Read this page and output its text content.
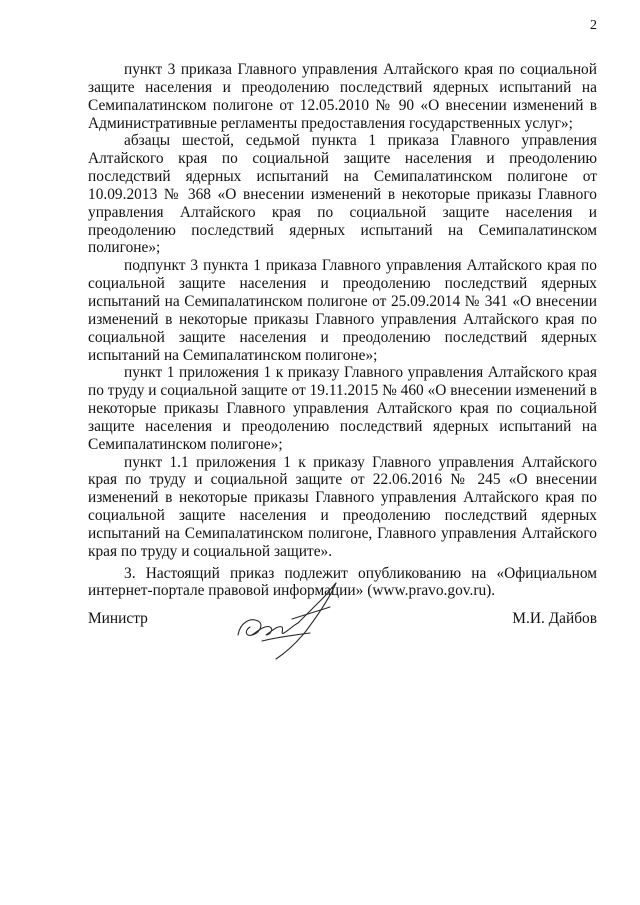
2

пункт 3 приказа Главного управления Алтайского края по социальной защите населения и преодолению последствий ядерных испытаний на Семипалатинском полигоне от 12.05.2010 № 90 «О внесении изменений в Административные регламенты предоставления государственных услуг»;

абзацы шестой, седьмой пункта 1 приказа Главного управления Алтайского края по социальной защите населения и преодолению последствий ядерных испытаний на Семипалатинском полигоне от 10.09.2013 № 368 «О внесении изменений в некоторые приказы Главного управления Алтайского края по социальной защите населения и преодолению последствий ядерных испытаний на Семипалатинском полигоне»;

подпункт 3 пункта 1 приказа Главного управления Алтайского края по социальной защите населения и преодолению последствий ядерных испытаний на Семипалатинском полигоне от 25.09.2014 № 341 «О внесении изменений в некоторые приказы Главного управления Алтайского края по социальной защите населения и преодолению последствий ядерных испытаний на Семипалатинском полигоне»;

пункт 1 приложения 1 к приказу Главного управления Алтайского края по труду и социальной защите от 19.11.2015 № 460 «О внесении изменений в некоторые приказы Главного управления Алтайского края по социальной защите населения и преодолению последствий ядерных испытаний на Семипалатинском полигоне»;

пункт 1.1 приложения 1 к приказу Главного управления Алтайского края по труду и социальной защите от 22.06.2016 № 245 «О внесении изменений в некоторые приказы Главного управления Алтайского края по социальной защите населения и преодолению последствий ядерных испытаний на Семипалатинском полигоне, Главного управления Алтайского края по труду и социальной защите».

3. Настоящий приказ подлежит опубликованию на «Официальном интернет-портале правовой информации» (www.pravo.gov.ru).

Министр	М.И. Дайбов
